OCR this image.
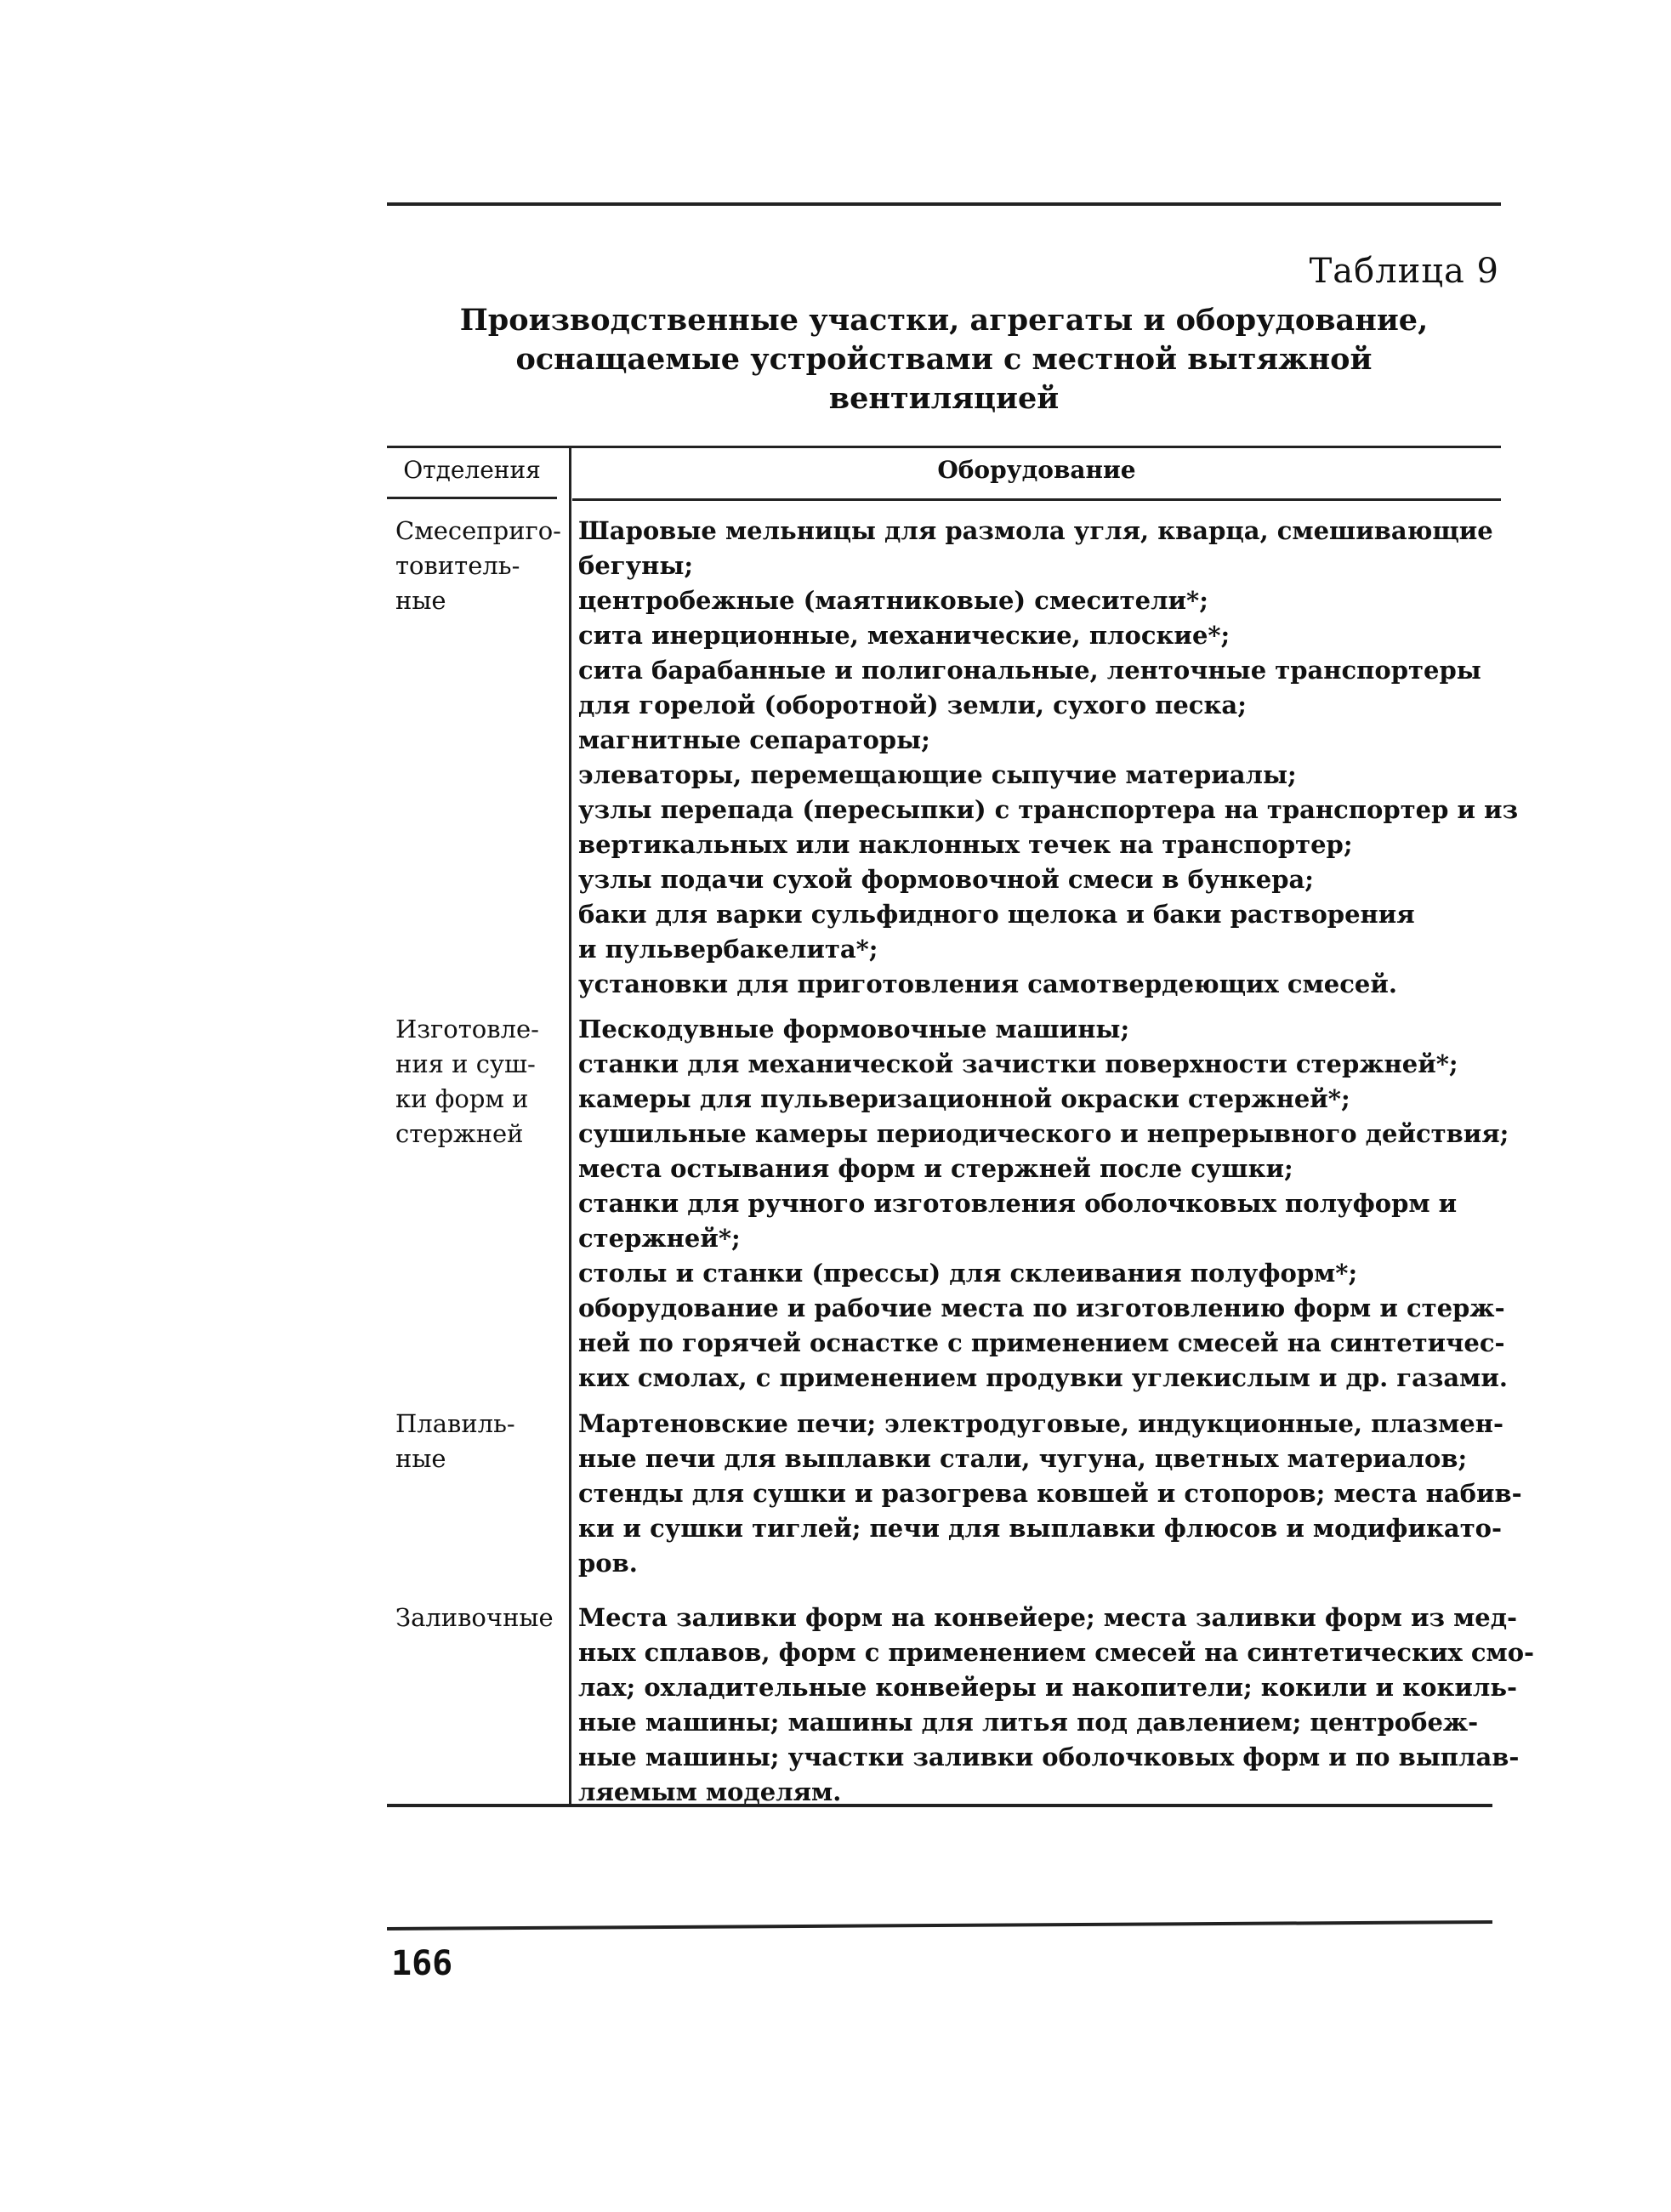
Таблица 9
Производственные участки, агрегаты и оборудование,
оснащаемые устройствами с местной вытяжной
вентиляцией
Отделения	Оборудование
Смесеприго-
товитель-
ные
Шаровые мельницы для размола угля, кварца, смешивающие
бегуны;
центробежные (маятниковые) смесители*;
сита инерционные, механические, плоские*;
сита барабанные и полигональные, ленточные транспортеры
для горелой (оборотной) земли, сухого песка;
магнитные сепараторы;
элеваторы, перемещающие сыпучие материалы;
узлы перепада (пересыпки) с транспортера на транспортер и из
вертикальных или наклонных течек на транспортер;
узлы подачи сухой формовочной смеси в бункера;
баки для варки сульфидного щелока и баки растворения
и пульвербакелита*;
установки для приготовления самотвердеющих смесей.
Изготовле-
ния и суш-
ки форм и
стержней
Пескодувные формовочные машины;
станки для механической зачистки поверхности стержней*;
камеры для пульверизационной окраски стержней*;
сушильные камеры периодического и непрерывного действия;
места остывания форм и стержней после сушки;
станки для ручного изготовления оболочковых полуформ и
стержней*;
столы и станки (прессы) для склеивания полуформ*;
оборудование и рабочие места по изготовлению форм и стерж-
ней по горячей оснастке с применением смесей на синтетичес-
ких смолах, с применением продувки углекислым и др. газами.
Плавиль-
ные
Мартеновские печи; электродуговые, индукционные, плазмен-
ные печи для выплавки стали, чугуна, цветных материалов;
стенды для сушки и разогрева ковшей и стопоров; места набив-
ки и сушки тиглей; печи для выплавки флюсов и модификато-
ров.
Заливочные	Места заливки форм на конвейере; места заливки форм из мед-
ных сплавов, форм с применением смесей на синтетических смо-
лах; охладительные конвейеры и накопители; кокили и кокиль-
ные машины; машины для литья под давлением; центробеж-
ные машины; участки заливки оболочковых форм и по выплав-
ляемым моделям.
166
